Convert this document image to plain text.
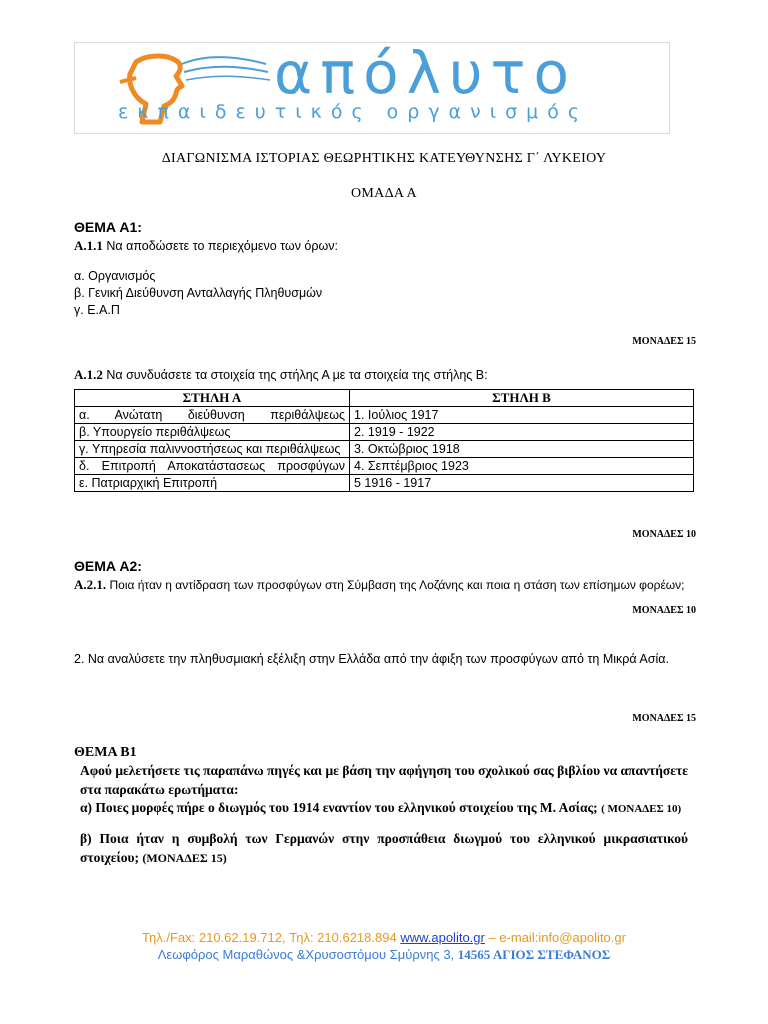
απόλυτο
εκπαιδευτικός οργανισμός
ΔΙΑΓΩΝΙΣΜΑ ΙΣΤΟΡΙΑΣ ΘΕΩΡΗΤΙΚΗΣ ΚΑΤΕΥΘΥΝΣΗΣ Γ΄ ΛΥΚΕΙΟΥ
ΟΜΑΔΑ Α
ΘΕΜΑ Α1:
Α.1.1 Να αποδώσετε το περιεχόμενο των όρων:
α. Οργανισμός
β. Γενική Διεύθυνση Ανταλλαγής Πληθυσμών
γ. Ε.Α.Π
ΜΟΝΑΔΕΣ 15
Α.1.2 Να συνδυάσετε τα στοιχεία της στήλης Α με τα στοιχεία της στήλης Β:
ΣΤΗΛΗ Α	ΣΤΗΛΗ Β
α. Ανώτατη διεύθυνση περιθάλψεως	1. Ιούλιος 1917
β. Υπουργείο περιθάλψεως	2. 1919 - 1922
γ. Υπηρεσία παλιννοστήσεως και περιθάλψεως	3. Οκτώβριος 1918
δ. Επιτροπή Αποκατάστασεως προσφύγων	4. Σεπτέμβριος 1923
ε. Πατριαρχική Επιτροπή	5 1916 - 1917
ΜΟΝΑΔΕΣ 10
ΘΕΜΑ Α2:
Α.2.1. Ποια ήταν η αντίδραση των προσφύγων στη Σύμβαση της Λοζάνης και ποια η στάση των επίσημων φορέων;
ΜΟΝΑΔΕΣ 10
2. Να αναλύσετε την πληθυσμιακή εξέλιξη στην Ελλάδα από την άφιξη των προσφύγων από τη Μικρά Ασία.
ΜΟΝΑΔΕΣ 15
ΘΕΜΑ Β1
Αφού μελετήσετε τις παραπάνω πηγές και με βάση την αφήγηση του σχολικού σας βιβλίου να απαντήσετε στα παρακάτω ερωτήματα:
α) Ποιες μορφές πήρε ο διωγμός του 1914 εναντίον του ελληνικού στοιχείου της Μ. Ασίας; ( ΜΟΝΑΔΕΣ 10)
β) Ποια ήταν η συμβολή των Γερμανών στην προσπάθεια διωγμού του ελληνικού μικρασιατικού στοιχείου; (ΜΟΝΑΔΕΣ 15)
Τηλ./Fax: 210.62.19.712, Τηλ: 210.6218.894 www.apolito.gr – e-mail:info@apolito.gr
Λεωφόρος Μαραθώνος &Χρυσοστόμου Σμύρνης 3, 14565 ΑΓΙΟΣ ΣΤΕΦΑΝΟΣ
